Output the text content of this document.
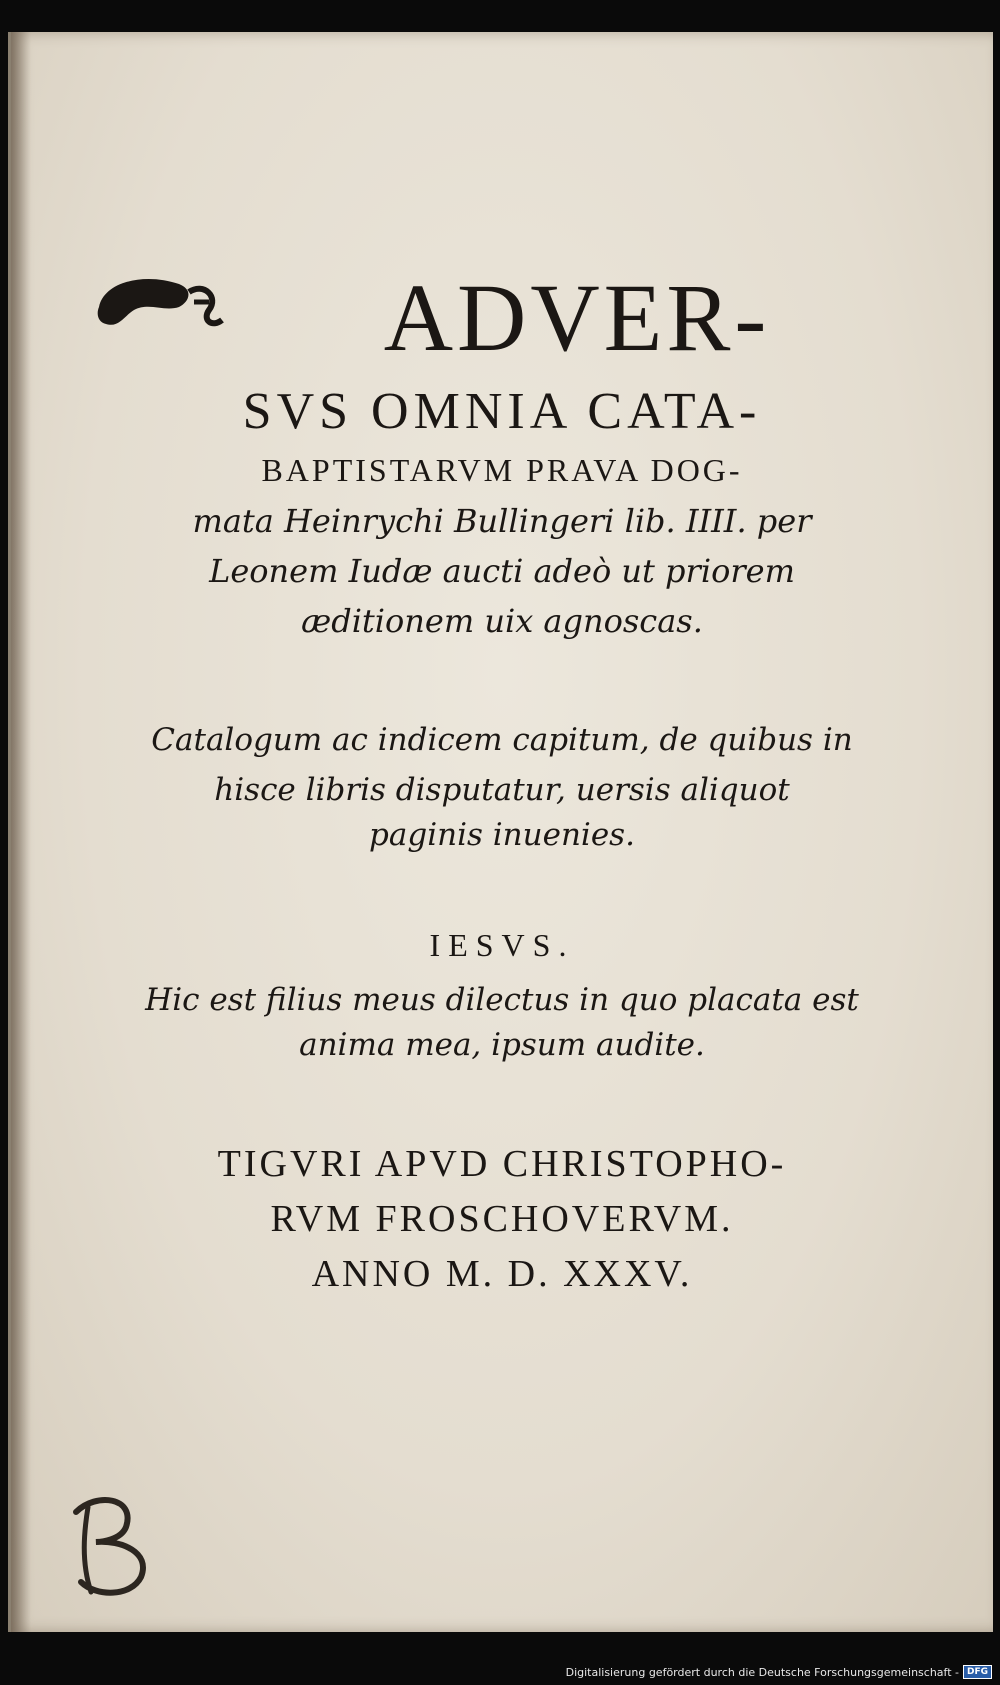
ADVER-
SVS OMNIA CATA-
BAPTISTARVM PRAVA DOG-
mata Heinrychi Bullingeri lib. IIII. per
Leonem Iudæ aucti adeò ut priorem
æditionem uix agnoscas.
Catalogum ac indicem capitum, de quibus in
hisce libris disputatur, uersis aliquot
paginis inuenies.
IESVS.
Hic est filius meus dilectus in quo placata est
anima mea, ipsum audite.
TIGVRI APVD CHRISTOPHO-
RVM FROSCHOVERVM.
ANNO M. D. XXXV.
Digitalisierung gefördert durch die Deutsche Forschungsgemeinschaft - DFG
